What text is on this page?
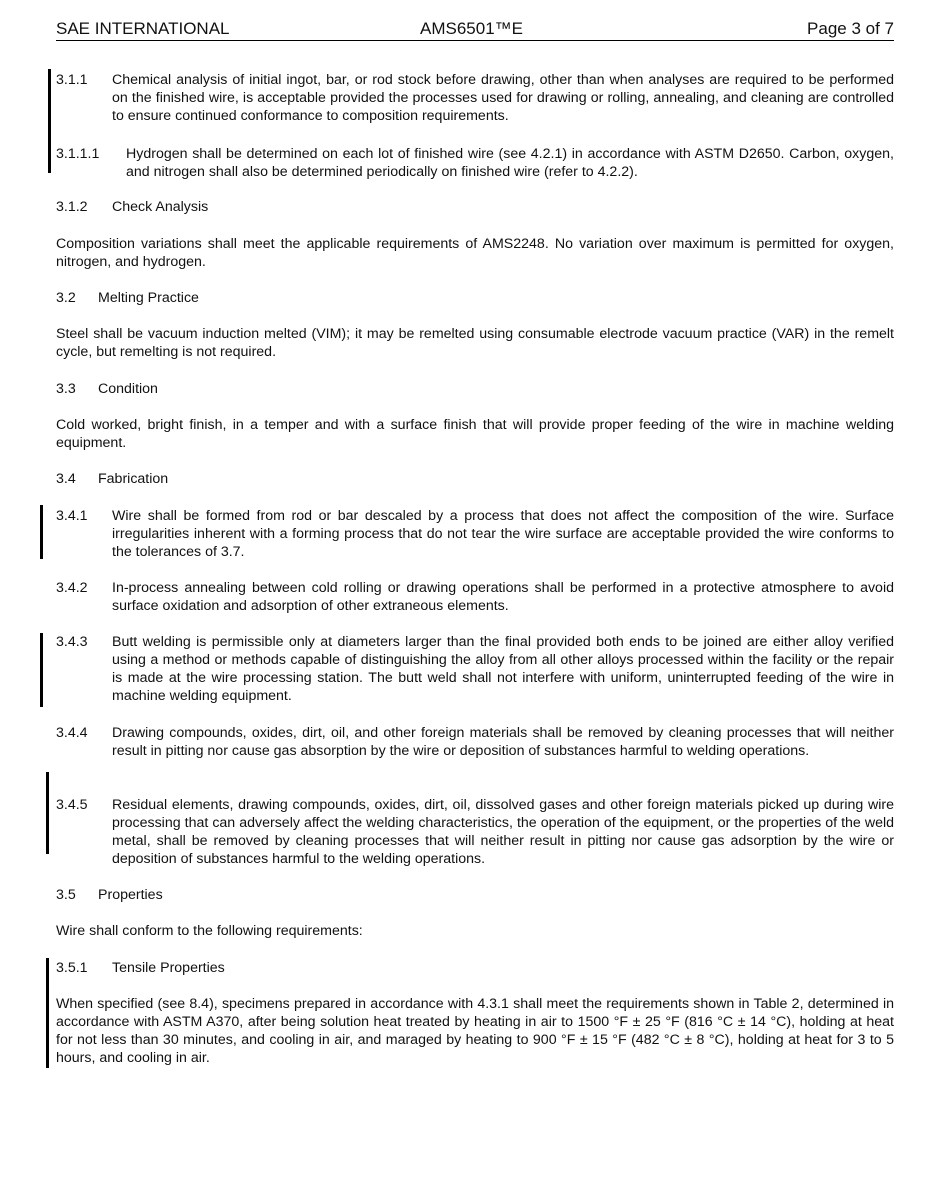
SAE INTERNATIONAL	AMS6501™E	Page 3 of 7
3.1.1 Chemical analysis of initial ingot, bar, or rod stock before drawing, other than when analyses are required to be performed on the finished wire, is acceptable provided the processes used for drawing or rolling, annealing, and cleaning are controlled to ensure continued conformance to composition requirements.
3.1.1.1 Hydrogen shall be determined on each lot of finished wire (see 4.2.1) in accordance with ASTM D2650. Carbon, oxygen, and nitrogen shall also be determined periodically on finished wire (refer to 4.2.2).
3.1.2 Check Analysis
Composition variations shall meet the applicable requirements of AMS2248. No variation over maximum is permitted for oxygen, nitrogen, and hydrogen.
3.2 Melting Practice
Steel shall be vacuum induction melted (VIM); it may be remelted using consumable electrode vacuum practice (VAR) in the remelt cycle, but remelting is not required.
3.3 Condition
Cold worked, bright finish, in a temper and with a surface finish that will provide proper feeding of the wire in machine welding equipment.
3.4 Fabrication
3.4.1 Wire shall be formed from rod or bar descaled by a process that does not affect the composition of the wire. Surface irregularities inherent with a forming process that do not tear the wire surface are acceptable provided the wire conforms to the tolerances of 3.7.
3.4.2 In-process annealing between cold rolling or drawing operations shall be performed in a protective atmosphere to avoid surface oxidation and adsorption of other extraneous elements.
3.4.3 Butt welding is permissible only at diameters larger than the final provided both ends to be joined are either alloy verified using a method or methods capable of distinguishing the alloy from all other alloys processed within the facility or the repair is made at the wire processing station. The butt weld shall not interfere with uniform, uninterrupted feeding of the wire in machine welding equipment.
3.4.4 Drawing compounds, oxides, dirt, oil, and other foreign materials shall be removed by cleaning processes that will neither result in pitting nor cause gas absorption by the wire or deposition of substances harmful to welding operations.
3.4.5 Residual elements, drawing compounds, oxides, dirt, oil, dissolved gases and other foreign materials picked up during wire processing that can adversely affect the welding characteristics, the operation of the equipment, or the properties of the weld metal, shall be removed by cleaning processes that will neither result in pitting nor cause gas adsorption by the wire or deposition of substances harmful to the welding operations.
3.5 Properties
Wire shall conform to the following requirements:
3.5.1 Tensile Properties
When specified (see 8.4), specimens prepared in accordance with 4.3.1 shall meet the requirements shown in Table 2, determined in accordance with ASTM A370, after being solution heat treated by heating in air to 1500 °F ± 25 °F (816 °C ± 14 °C), holding at heat for not less than 30 minutes, and cooling in air, and maraged by heating to 900 °F ± 15 °F (482 °C ± 8 °C), holding at heat for 3 to 5 hours, and cooling in air.
